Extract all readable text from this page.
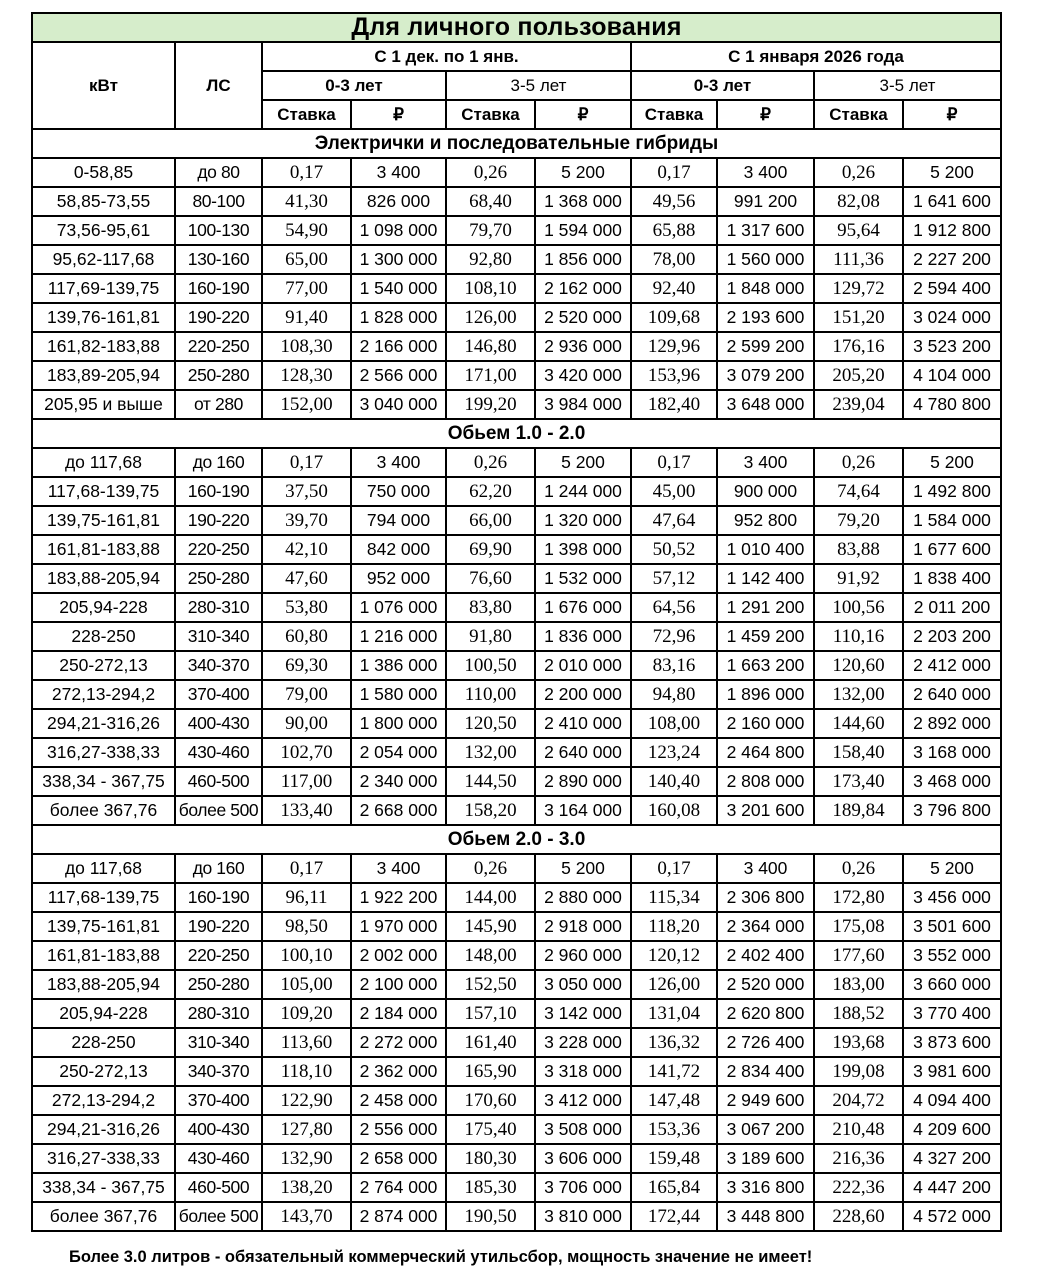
Для личного пользования									
кВт	ЛС	С 1 дек. по 1 янв.				С 1 января 2026 года			
		0-3 лет		3-5 лет		0-3 лет		3-5 лет	
		Ставка	₽	Ставка	₽	Ставка	₽	Ставка	₽
Электрички и последовательные гибриды									
0-58,85	до 80	0,17	3 400	0,26	5 200	0,17	3 400	0,26	5 200
58,85-73,55	80-100	41,30	826 000	68,40	1 368 000	49,56	991 200	82,08	1 641 600
73,56-95,61	100-130	54,90	1 098 000	79,70	1 594 000	65,88	1 317 600	95,64	1 912 800
95,62-117,68	130-160	65,00	1 300 000	92,80	1 856 000	78,00	1 560 000	111,36	2 227 200
117,69-139,75	160-190	77,00	1 540 000	108,10	2 162 000	92,40	1 848 000	129,72	2 594 400
139,76-161,81	190-220	91,40	1 828 000	126,00	2 520 000	109,68	2 193 600	151,20	3 024 000
161,82-183,88	220-250	108,30	2 166 000	146,80	2 936 000	129,96	2 599 200	176,16	3 523 200
183,89-205,94	250-280	128,30	2 566 000	171,00	3 420 000	153,96	3 079 200	205,20	4 104 000
205,95 и выше	от 280	152,00	3 040 000	199,20	3 984 000	182,40	3 648 000	239,04	4 780 800
Обьем 1.0 - 2.0									
до 117,68	до 160	0,17	3 400	0,26	5 200	0,17	3 400	0,26	5 200
117,68-139,75	160-190	37,50	750 000	62,20	1 244 000	45,00	900 000	74,64	1 492 800
139,75-161,81	190-220	39,70	794 000	66,00	1 320 000	47,64	952 800	79,20	1 584 000
161,81-183,88	220-250	42,10	842 000	69,90	1 398 000	50,52	1 010 400	83,88	1 677 600
183,88-205,94	250-280	47,60	952 000	76,60	1 532 000	57,12	1 142 400	91,92	1 838 400
205,94-228	280-310	53,80	1 076 000	83,80	1 676 000	64,56	1 291 200	100,56	2 011 200
228-250	310-340	60,80	1 216 000	91,80	1 836 000	72,96	1 459 200	110,16	2 203 200
250-272,13	340-370	69,30	1 386 000	100,50	2 010 000	83,16	1 663 200	120,60	2 412 000
272,13-294,2	370-400	79,00	1 580 000	110,00	2 200 000	94,80	1 896 000	132,00	2 640 000
294,21-316,26	400-430	90,00	1 800 000	120,50	2 410 000	108,00	2 160 000	144,60	2 892 000
316,27-338,33	430-460	102,70	2 054 000	132,00	2 640 000	123,24	2 464 800	158,40	3 168 000
338,34 - 367,75	460-500	117,00	2 340 000	144,50	2 890 000	140,40	2 808 000	173,40	3 468 000
более 367,76	более 500	133,40	2 668 000	158,20	3 164 000	160,08	3 201 600	189,84	3 796 800
Обьем 2.0 - 3.0									
до 117,68	до 160	0,17	3 400	0,26	5 200	0,17	3 400	0,26	5 200
117,68-139,75	160-190	96,11	1 922 200	144,00	2 880 000	115,34	2 306 800	172,80	3 456 000
139,75-161,81	190-220	98,50	1 970 000	145,90	2 918 000	118,20	2 364 000	175,08	3 501 600
161,81-183,88	220-250	100,10	2 002 000	148,00	2 960 000	120,12	2 402 400	177,60	3 552 000
183,88-205,94	250-280	105,00	2 100 000	152,50	3 050 000	126,00	2 520 000	183,00	3 660 000
205,94-228	280-310	109,20	2 184 000	157,10	3 142 000	131,04	2 620 800	188,52	3 770 400
228-250	310-340	113,60	2 272 000	161,40	3 228 000	136,32	2 726 400	193,68	3 873 600
250-272,13	340-370	118,10	2 362 000	165,90	3 318 000	141,72	2 834 400	199,08	3 981 600
272,13-294,2	370-400	122,90	2 458 000	170,60	3 412 000	147,48	2 949 600	204,72	4 094 400
294,21-316,26	400-430	127,80	2 556 000	175,40	3 508 000	153,36	3 067 200	210,48	4 209 600
316,27-338,33	430-460	132,90	2 658 000	180,30	3 606 000	159,48	3 189 600	216,36	4 327 200
338,34 - 367,75	460-500	138,20	2 764 000	185,30	3 706 000	165,84	3 316 800	222,36	4 447 200
более 367,76	более 500	143,70	2 874 000	190,50	3 810 000	172,44	3 448 800	228,60	4 572 000
Более 3.0 литров - обязательный коммерческий утильсбор, мощность значение не имеет!
